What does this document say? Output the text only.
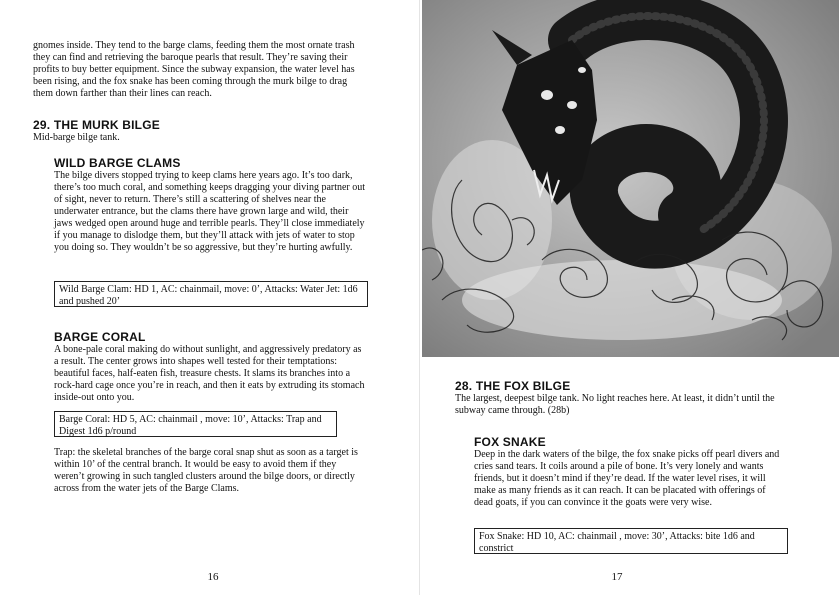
gnomes inside. They tend to the barge clams, feeding them the most ornate trash they can find and retrieving the baroque pearls that result. They’re saving their profits to buy better equipment. Since the subway expansion, the water level has been rising, and the fox snake has been coming through the murk bilge to drag them down farther than their lines can reach.

29. THE MURK BILGE

Mid-barge bilge tank.

WILD BARGE CLAMS

The bilge divers stopped trying to keep clams here years ago. It’s too dark, there’s too much coral, and something keeps dragging your diving partner out of sight, never to return. There’s still a scattering of shelves near the underwater entrance, but the clams there have grown large and wild, their jaws wedged open around huge and terrible pearls. They’ll close immediately if you manage to dislodge them, but they’ll attack with jets of water to stop you doing so. They wouldn’t be so aggressive, but they’re hurting awfully.

Wild Barge Clam: HD 1, AC: chainmail, move: 0’, Attacks: Water Jet: 1d6 and pushed 20’
BARGE CORAL

A bone-pale coral making do without sunlight, and aggressively predatory as a result. The center grows into shapes well tested for their temptations: beautiful faces, half-eaten fish, treasure chests. It slams its branches into a rock-hard cage once you’re in reach, and then it eats by extruding its stomach inside-out onto you.

Barge Coral: HD 5, AC: chainmail , move: 10’, Attacks: Trap and Digest 1d6 p/round

Trap: the skeletal branches of the barge coral snap shut as soon as a target is within 10’ of the central branch. It would be easy to avoid them if they weren’t growing in such tangled clusters around the bilge doors, or directly across from the water jets of the Barge Clams.

16
28. THE FOX BILGE

The largest, deepest bilge tank. No light reaches here. At least, it didn’t until the subway came through. (28b)

FOX SNAKE

Deep in the dark waters of the bilge, the fox snake picks off pearl divers and cries sand tears. It coils around a pile of bone. It’s very lonely and wants friends, but it doesn’t mind if they’re dead. If the water level rises, it will make as many friends as it can reach. It can be placated with offerings of dead goats, if you can convince it the goats were very wise.

Fox Snake: HD 10, AC: chainmail , move: 30’, Attacks: bite 1d6 and constrict
17
